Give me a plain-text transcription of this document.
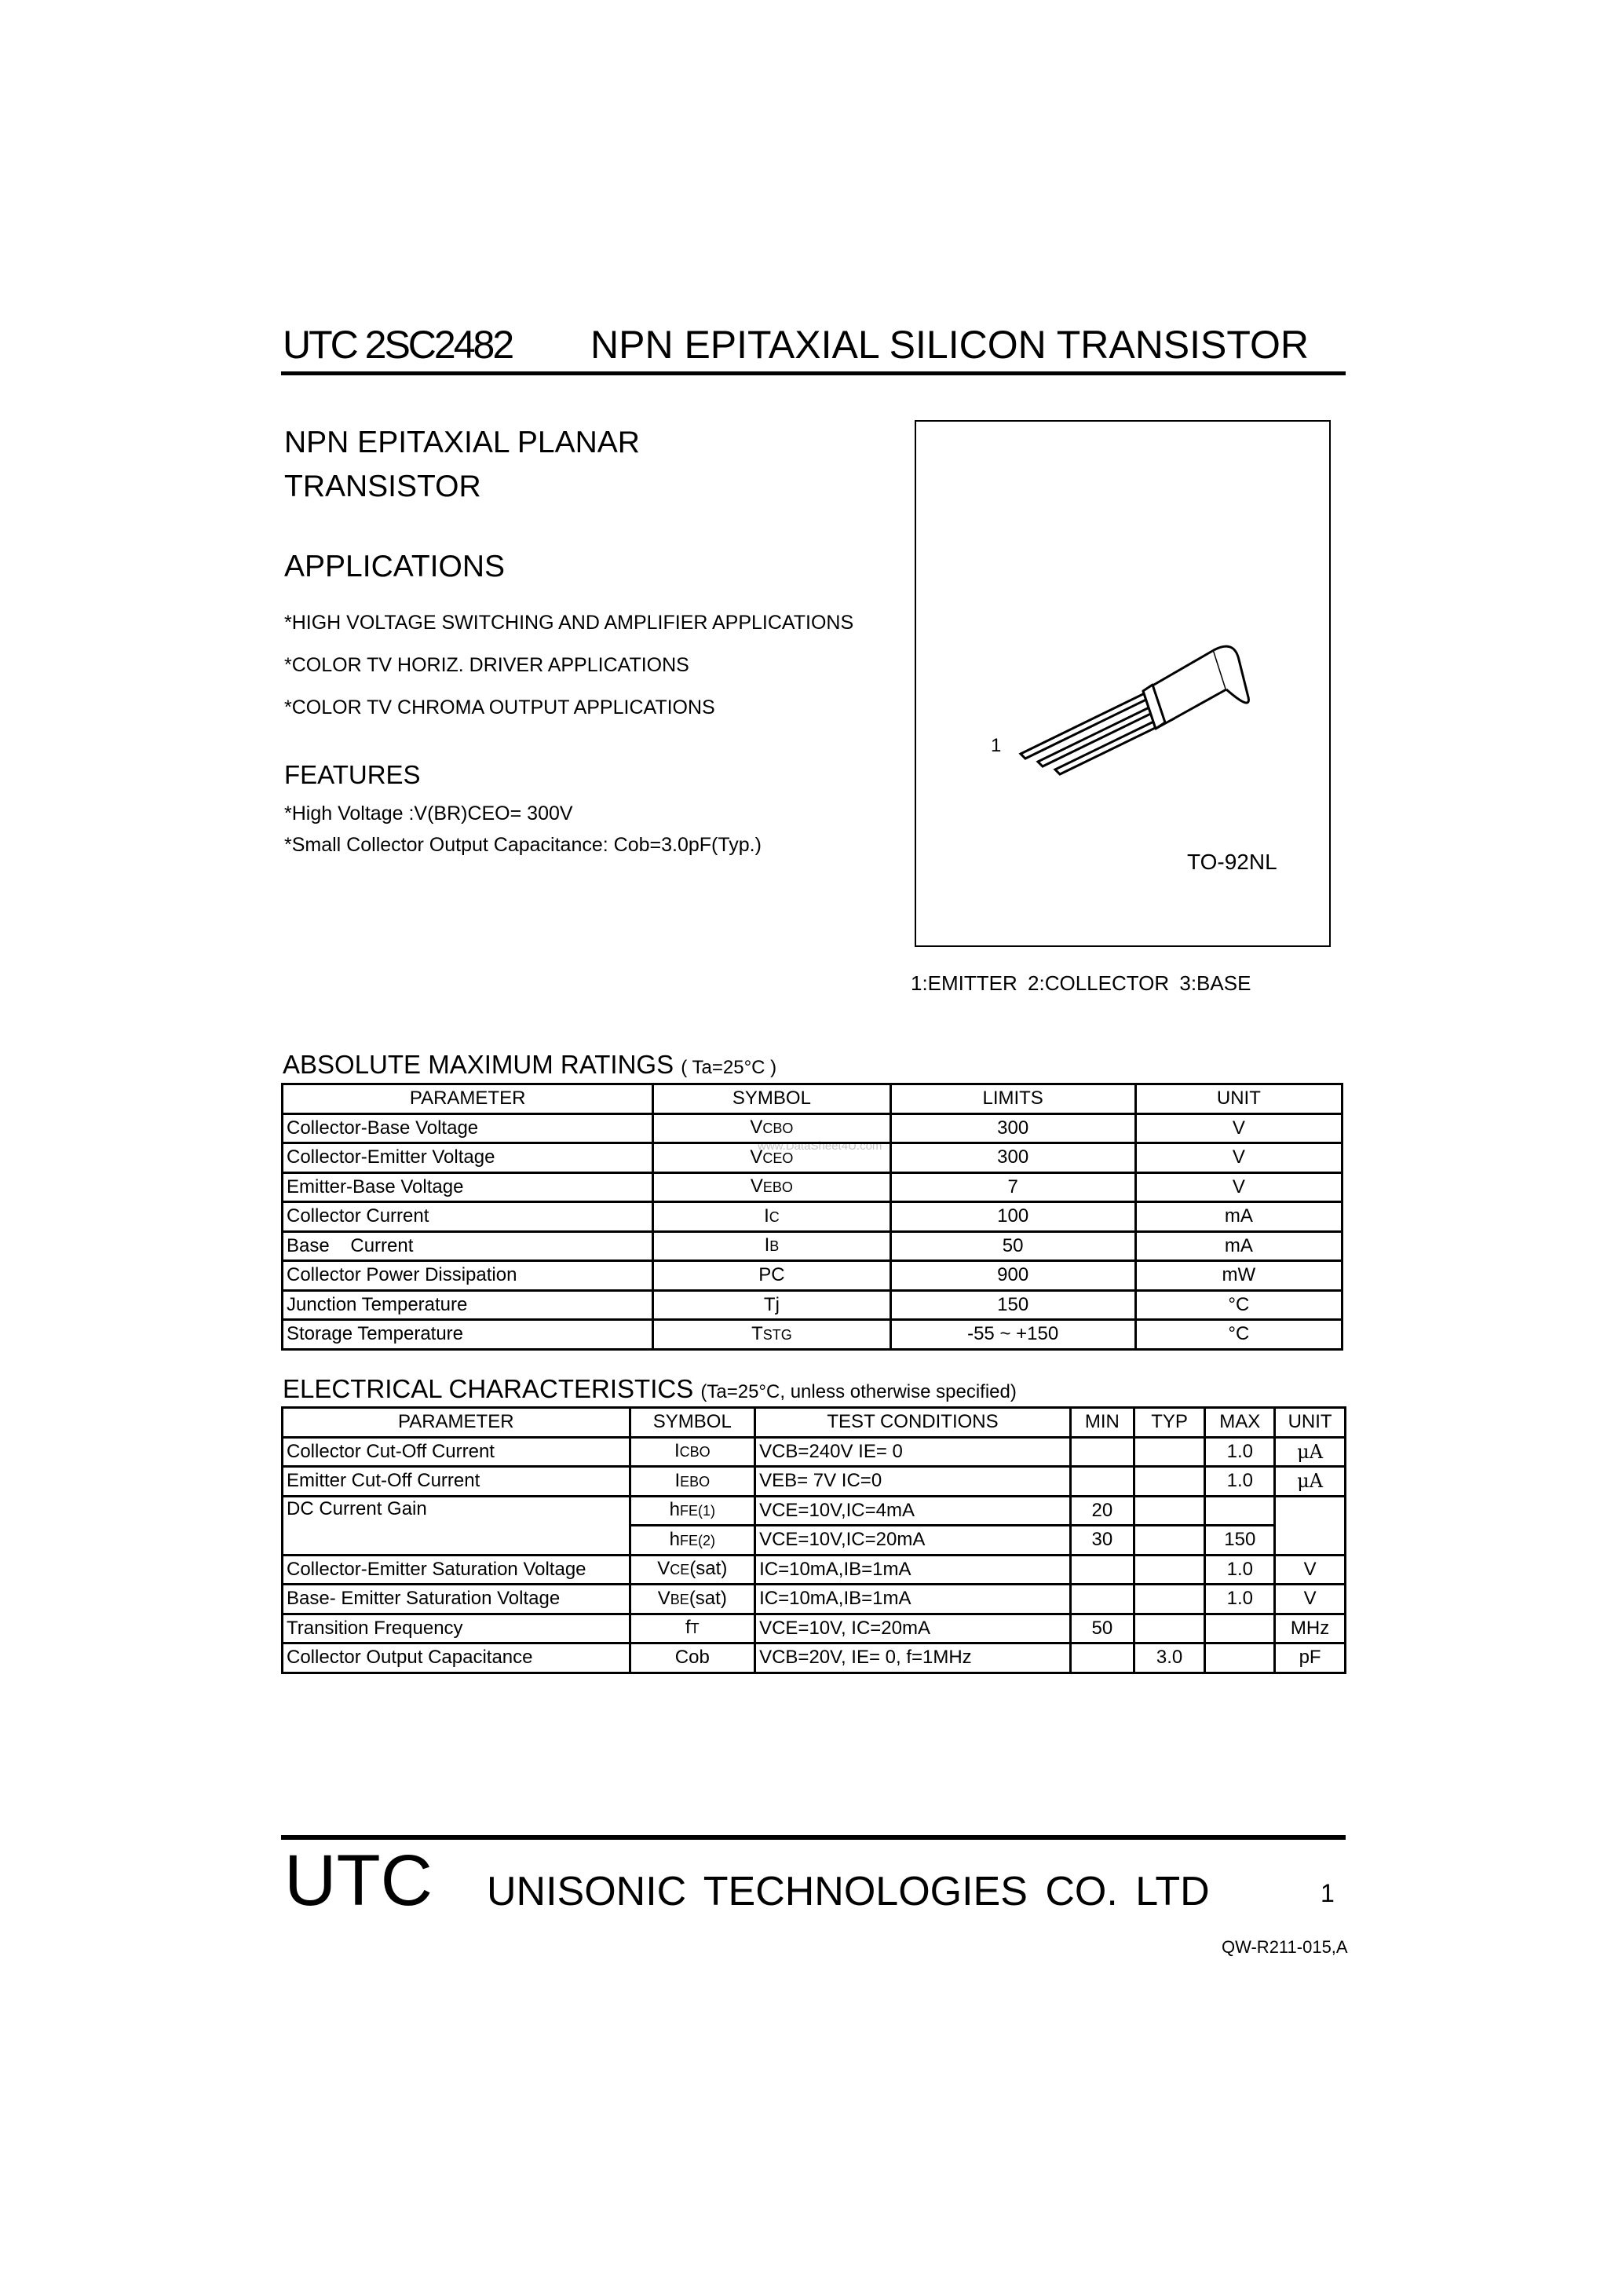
UTC 2SC2482 NPN EPITAXIAL SILICON TRANSISTOR
NPN EPITAXIAL PLANAR
TRANSISTOR
APPLICATIONS
*HIGH VOLTAGE SWITCHING AND AMPLIFIER APPLICATIONS
*COLOR TV HORIZ. DRIVER APPLICATIONS
*COLOR TV CHROMA OUTPUT APPLICATIONS
FEATURES
*High Voltage :V(BR)CEO= 300V
*Small Collector Output Capacitance: Cob=3.0pF(Typ.)
1
TO-92NL
1:EMITTER 2:COLLECTOR 3:BASE
ABSOLUTE MAXIMUM RATINGS ( Ta=25°C )
www.DataSheet4U.com
PARAMETER	SYMBOL	LIMITS	UNIT
Collector-Base Voltage	VCBO	300	V
Collector-Emitter Voltage	VCEO	300	V
Emitter-Base Voltage	VEBO	7	V
Collector Current	IC	100	mA
Base    Current	IB	50	mA
Collector Power Dissipation	PC	900	mW
Junction Temperature	Tj	150	°C
Storage Temperature	TSTG	-55 ~ +150	°C
ELECTRICAL CHARACTERISTICS (Ta=25°C, unless otherwise specified)
PARAMETER	SYMBOL	TEST CONDITIONS	MIN	TYP	MAX	UNIT
Collector Cut-Off Current	ICBO	VCB=240V IE= 0			1.0	μA
Emitter Cut-Off Current	IEBO	VEB= 7V IC=0			1.0	μA
DC Current Gain	hFE(1)	VCE=10V,IC=4mA	20			
	hFE(2)	VCE=10V,IC=20mA	30		150	
Collector-Emitter Saturation Voltage	VCE(sat)	IC=10mA,IB=1mA			1.0	V
Base- Emitter Saturation Voltage	VBE(sat)	IC=10mA,IB=1mA			1.0	V
Transition Frequency	fT	VCE=10V, IC=20mA	50			MHz
Collector Output Capacitance	Cob	VCB=20V, IE= 0, f=1MHz		3.0		pF
UTC UNISONIC TECHNOLOGIES CO. LTD	1
QW-R211-015,A
